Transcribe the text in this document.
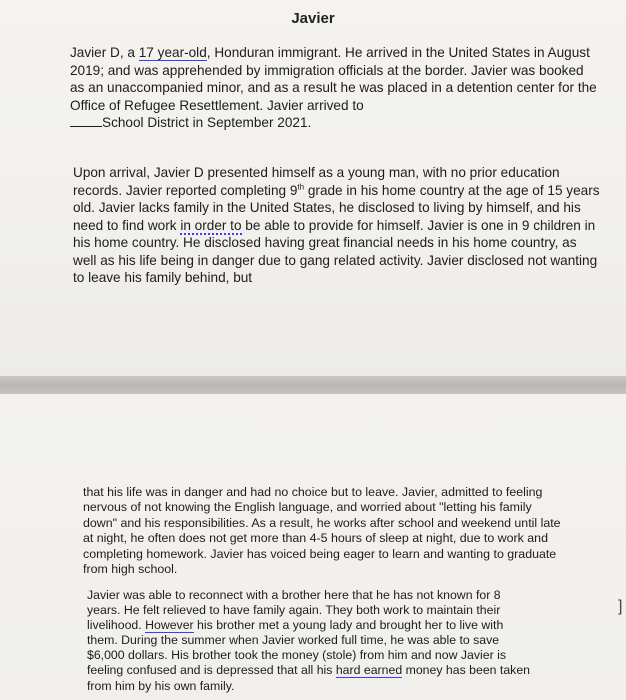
Javier

Javier D, a 17 year-old, Honduran immigrant. He arrived in the United States in August 2019; and was apprehended by immigration officials at the border. Javier was booked as an unaccompanied minor, and as a result he was placed in a detention center for the Office of Refugee Resettlement. Javier arrived to
School District in September 2021.

Upon arrival, Javier D presented himself as a young man, with no prior education records. Javier reported completing 9th grade in his home country at the age of 15 years old. Javier lacks family in the United States, he disclosed to living by himself, and his need to find work in order to be able to provide for himself. Javier is one in 9 children in his home country. He disclosed having great financial needs in his home country, as well as his life being in danger due to gang related activity. Javier disclosed not wanting to leave his family behind, but

that his life was in danger and had no choice but to leave. Javier, admitted to feeling nervous of not knowing the English language, and worried about "letting his family down" and his responsibilities. As a result, he works after school and weekend until late at night, he often does not get more than 4-5 hours of sleep at night, due to work and completing homework. Javier has voiced being eager to learn and wanting to graduate from high school.

Javier was able to reconnect with a brother here that he has not known for 8 years. He felt relieved to have family again. They both work to maintain their livelihood. However his brother met a young lady and brought her to live with them. During the summer when Javier worked full time, he was able to save $6,000 dollars. His brother took the money (stole) from him and now Javier is feeling confused and is depressed that all his hard earned money has been taken from him by his own family.

]
